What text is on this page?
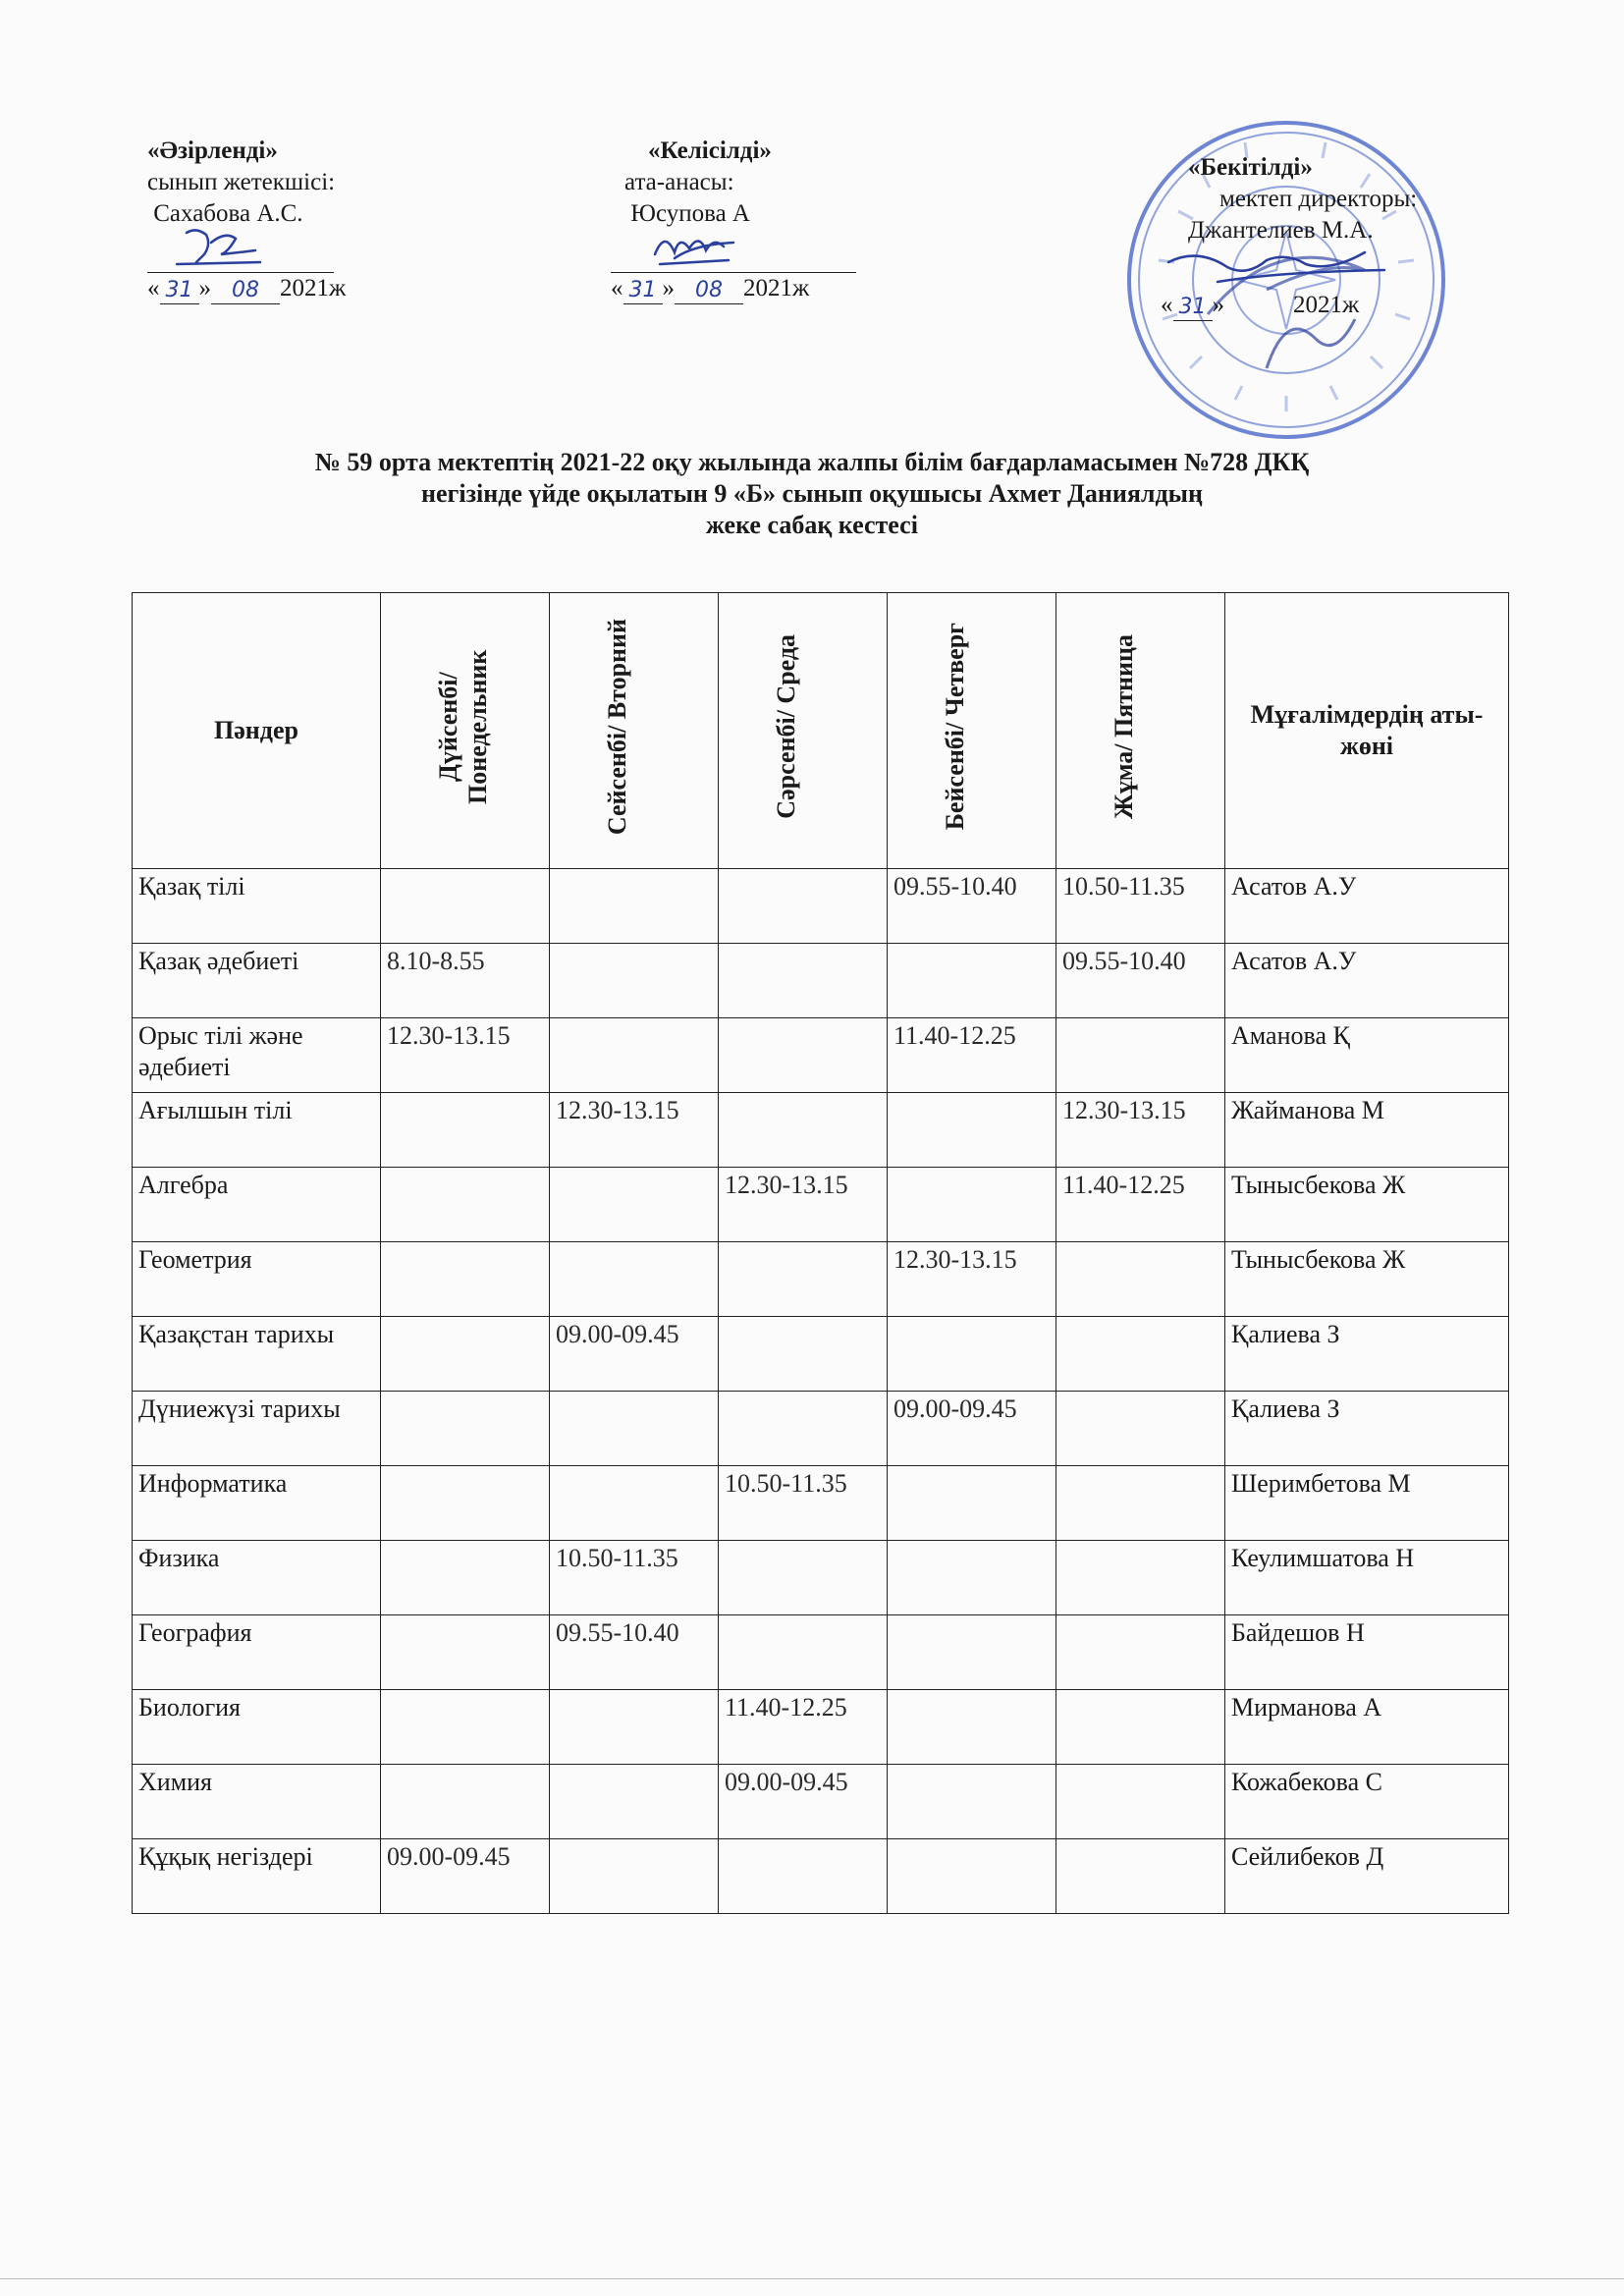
«Әзірленді»
сынып жетекшісі:
Сахабова А.С.
« 31 » 08 2021ж
«Келісілді»
ата-анасы:
Юсупова А
« 31 » 08 2021ж
«Бекітілді»
мектеп директоры:
Джантелиев М.А.
« 31 »	2021ж
№ 59 орта мектептің 2021-22 оқу жылында жалпы білім бағдарламасымен №728 ДКҚ
негізінде үйде оқылатын 9 «Б» сынып оқушысы Ахмет Даниялдың
жеке сабақ кестесі
Пәндер	Дүйсенбі/ Понедельник	Сейсенбі/ Вторний	Сәрсенбі/ Среда	Бейсенбі/ Четверг	Жұма/ Пятница	Мұғалімдердің аты-жөні
Қазақ тілі				09.55-10.40	10.50-11.35	Асатов А.У
Қазақ әдебиеті	8.10-8.55				09.55-10.40	Асатов А.У
Орыс тілі және әдебиеті	12.30-13.15			11.40-12.25		Аманова Қ
Ағылшын тілі		12.30-13.15			12.30-13.15	Жайманова М
Алгебра			12.30-13.15		11.40-12.25	Тынысбекова Ж
Геометрия				12.30-13.15		Тынысбекова Ж
Қазақстан тарихы		09.00-09.45				Қалиева З
Дүниежүзі тарихы				09.00-09.45		Қалиева З
Информатика			10.50-11.35			Шеримбетова М
Физика		10.50-11.35				Кеулимшатова Н
География		09.55-10.40				Байдешов Н
Биология			11.40-12.25			Мирманова А
Химия			09.00-09.45			Кожабекова С
Құқық негіздері	09.00-09.45					Сейлибеков Д
